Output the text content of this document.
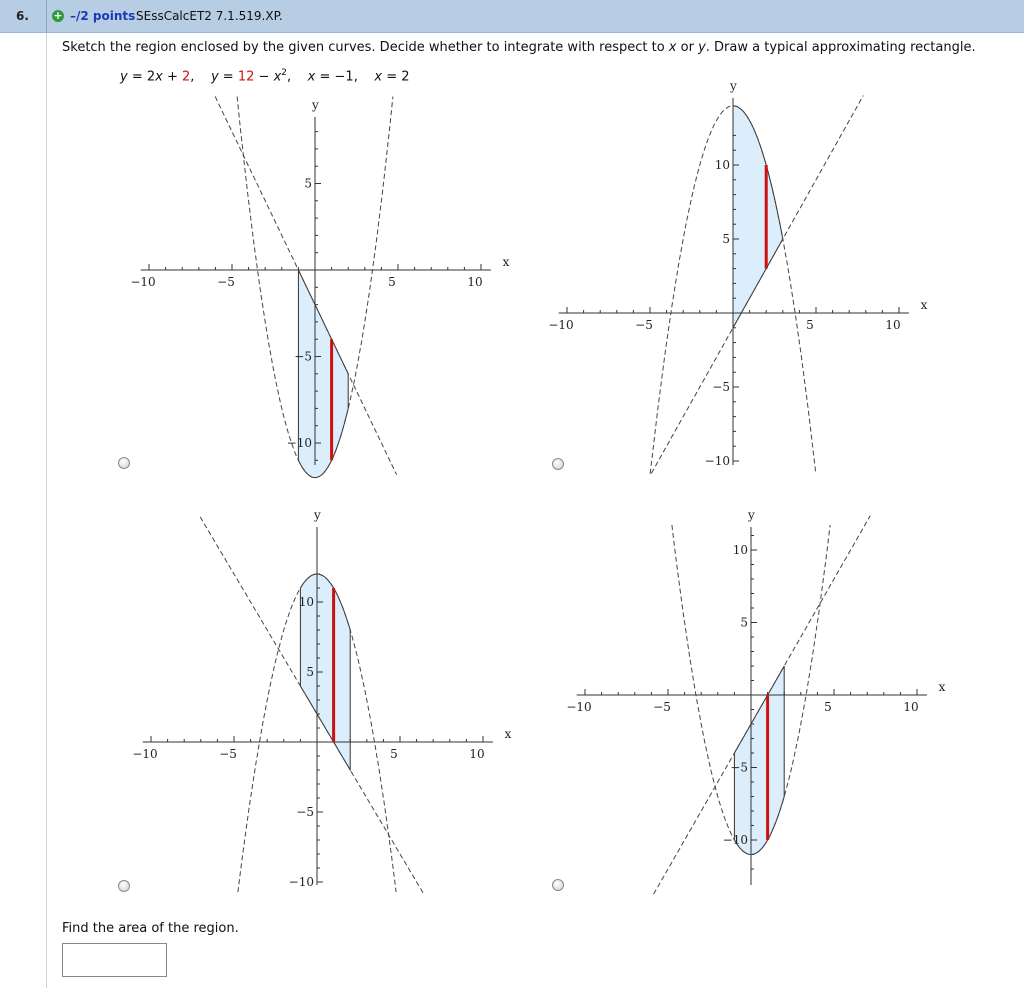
6. + –/2 points SEssCalcET2 7.1.519.XP.
Sketch the region enclosed by the given curves. Decide whether to integrate with respect to x or y. Draw a typical approximating rectangle.
y = 2x + 2, $y = 12 - x^2$, x = −1, x = 2
x
y
−10	−5	5	10
5
−5
−10
x
y
−10	−5	5	10
10
5
−5
−10
x
y
−10	−5	5	10
10
5
−5
−10
x
y
−10	−5	5	10
10
5
−5
−10
Find the area of the region.
